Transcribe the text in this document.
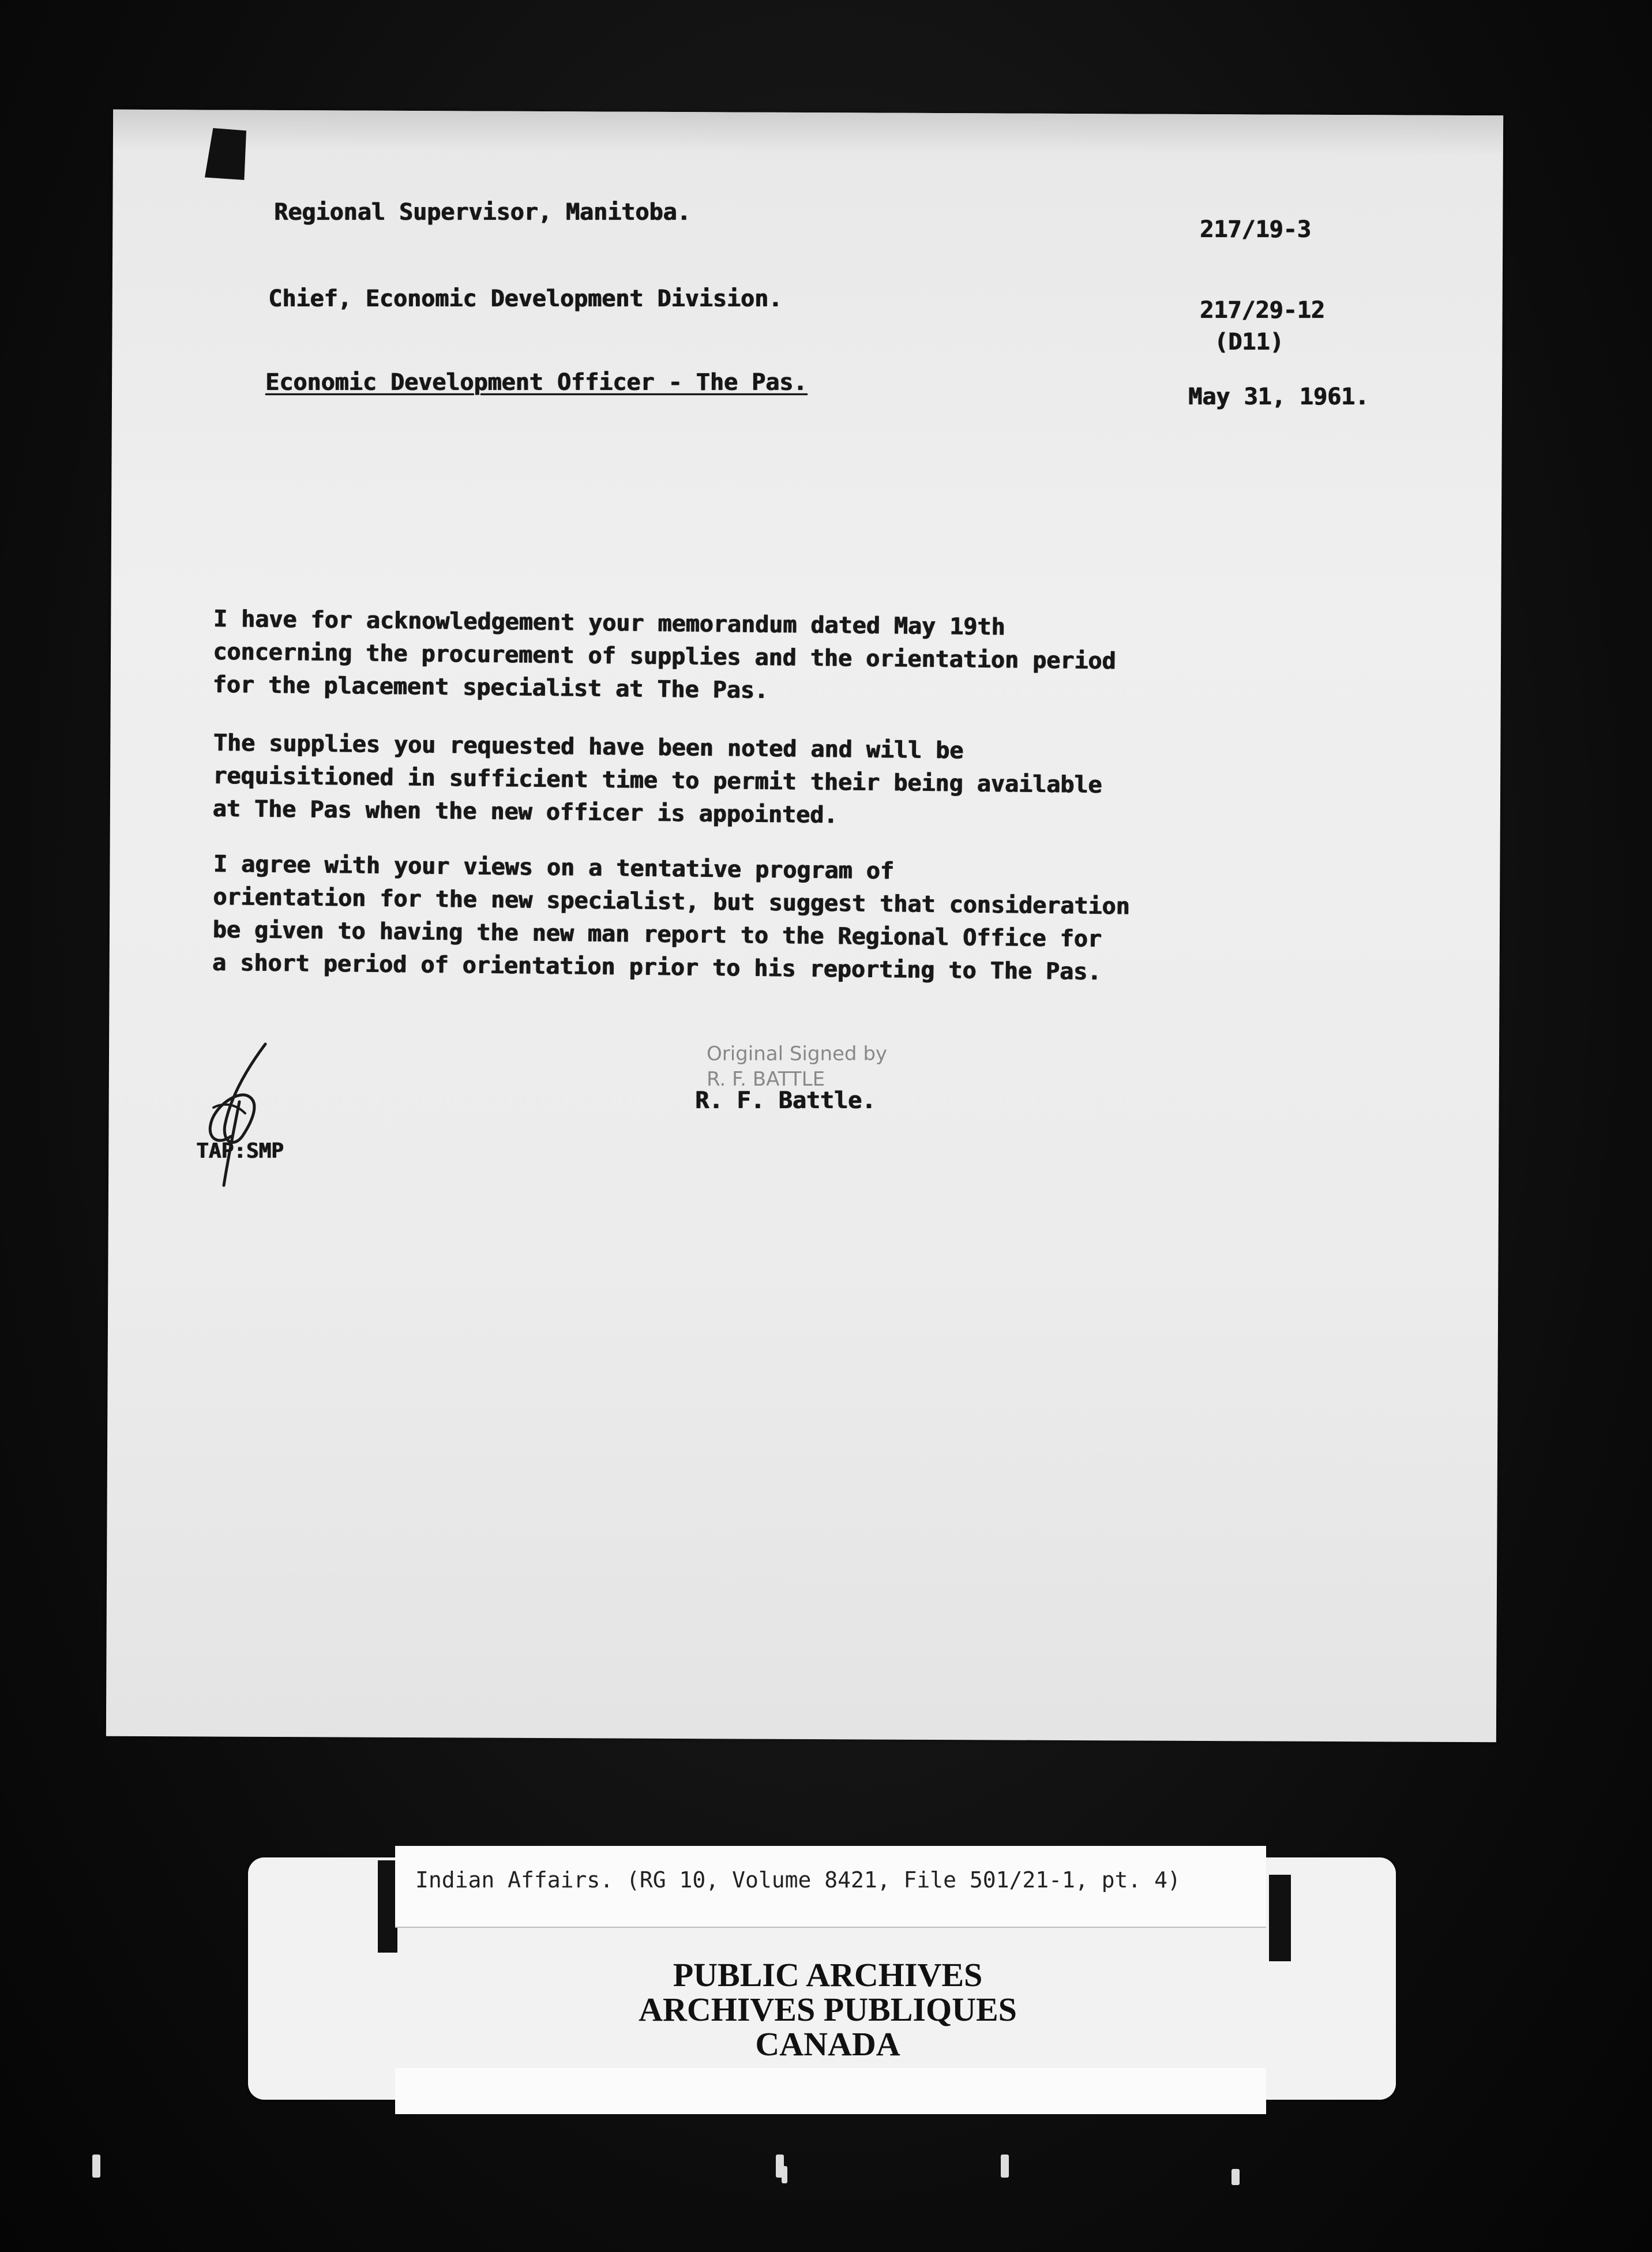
Regional Supervisor, Manitoba.
Chief, Economic Development Division.
Economic Development Officer - The Pas.
217/19-3
217/29-12
(D11)
May 31, 1961.
I have for acknowledgement your memorandum dated May 19th
concerning the procurement of supplies and the orientation period
for the placement specialist at The Pas.
The supplies you requested have been noted and will be
requisitioned in sufficient time to permit their being available
at The Pas when the new officer is appointed.
I agree with your views on a tentative program of
orientation for the new specialist, but suggest that consideration
be given to having the new man report to the Regional Office for
a short period of orientation prior to his reporting to The Pas.
Original Signed by
R. F. BATTLE
R. F. Battle.
TAP:SMP
Indian Affairs. (RG 10, Volume 8421, File 501/21-1, pt. 4)
PUBLIC ARCHIVES
ARCHIVES PUBLIQUES
CANADA
